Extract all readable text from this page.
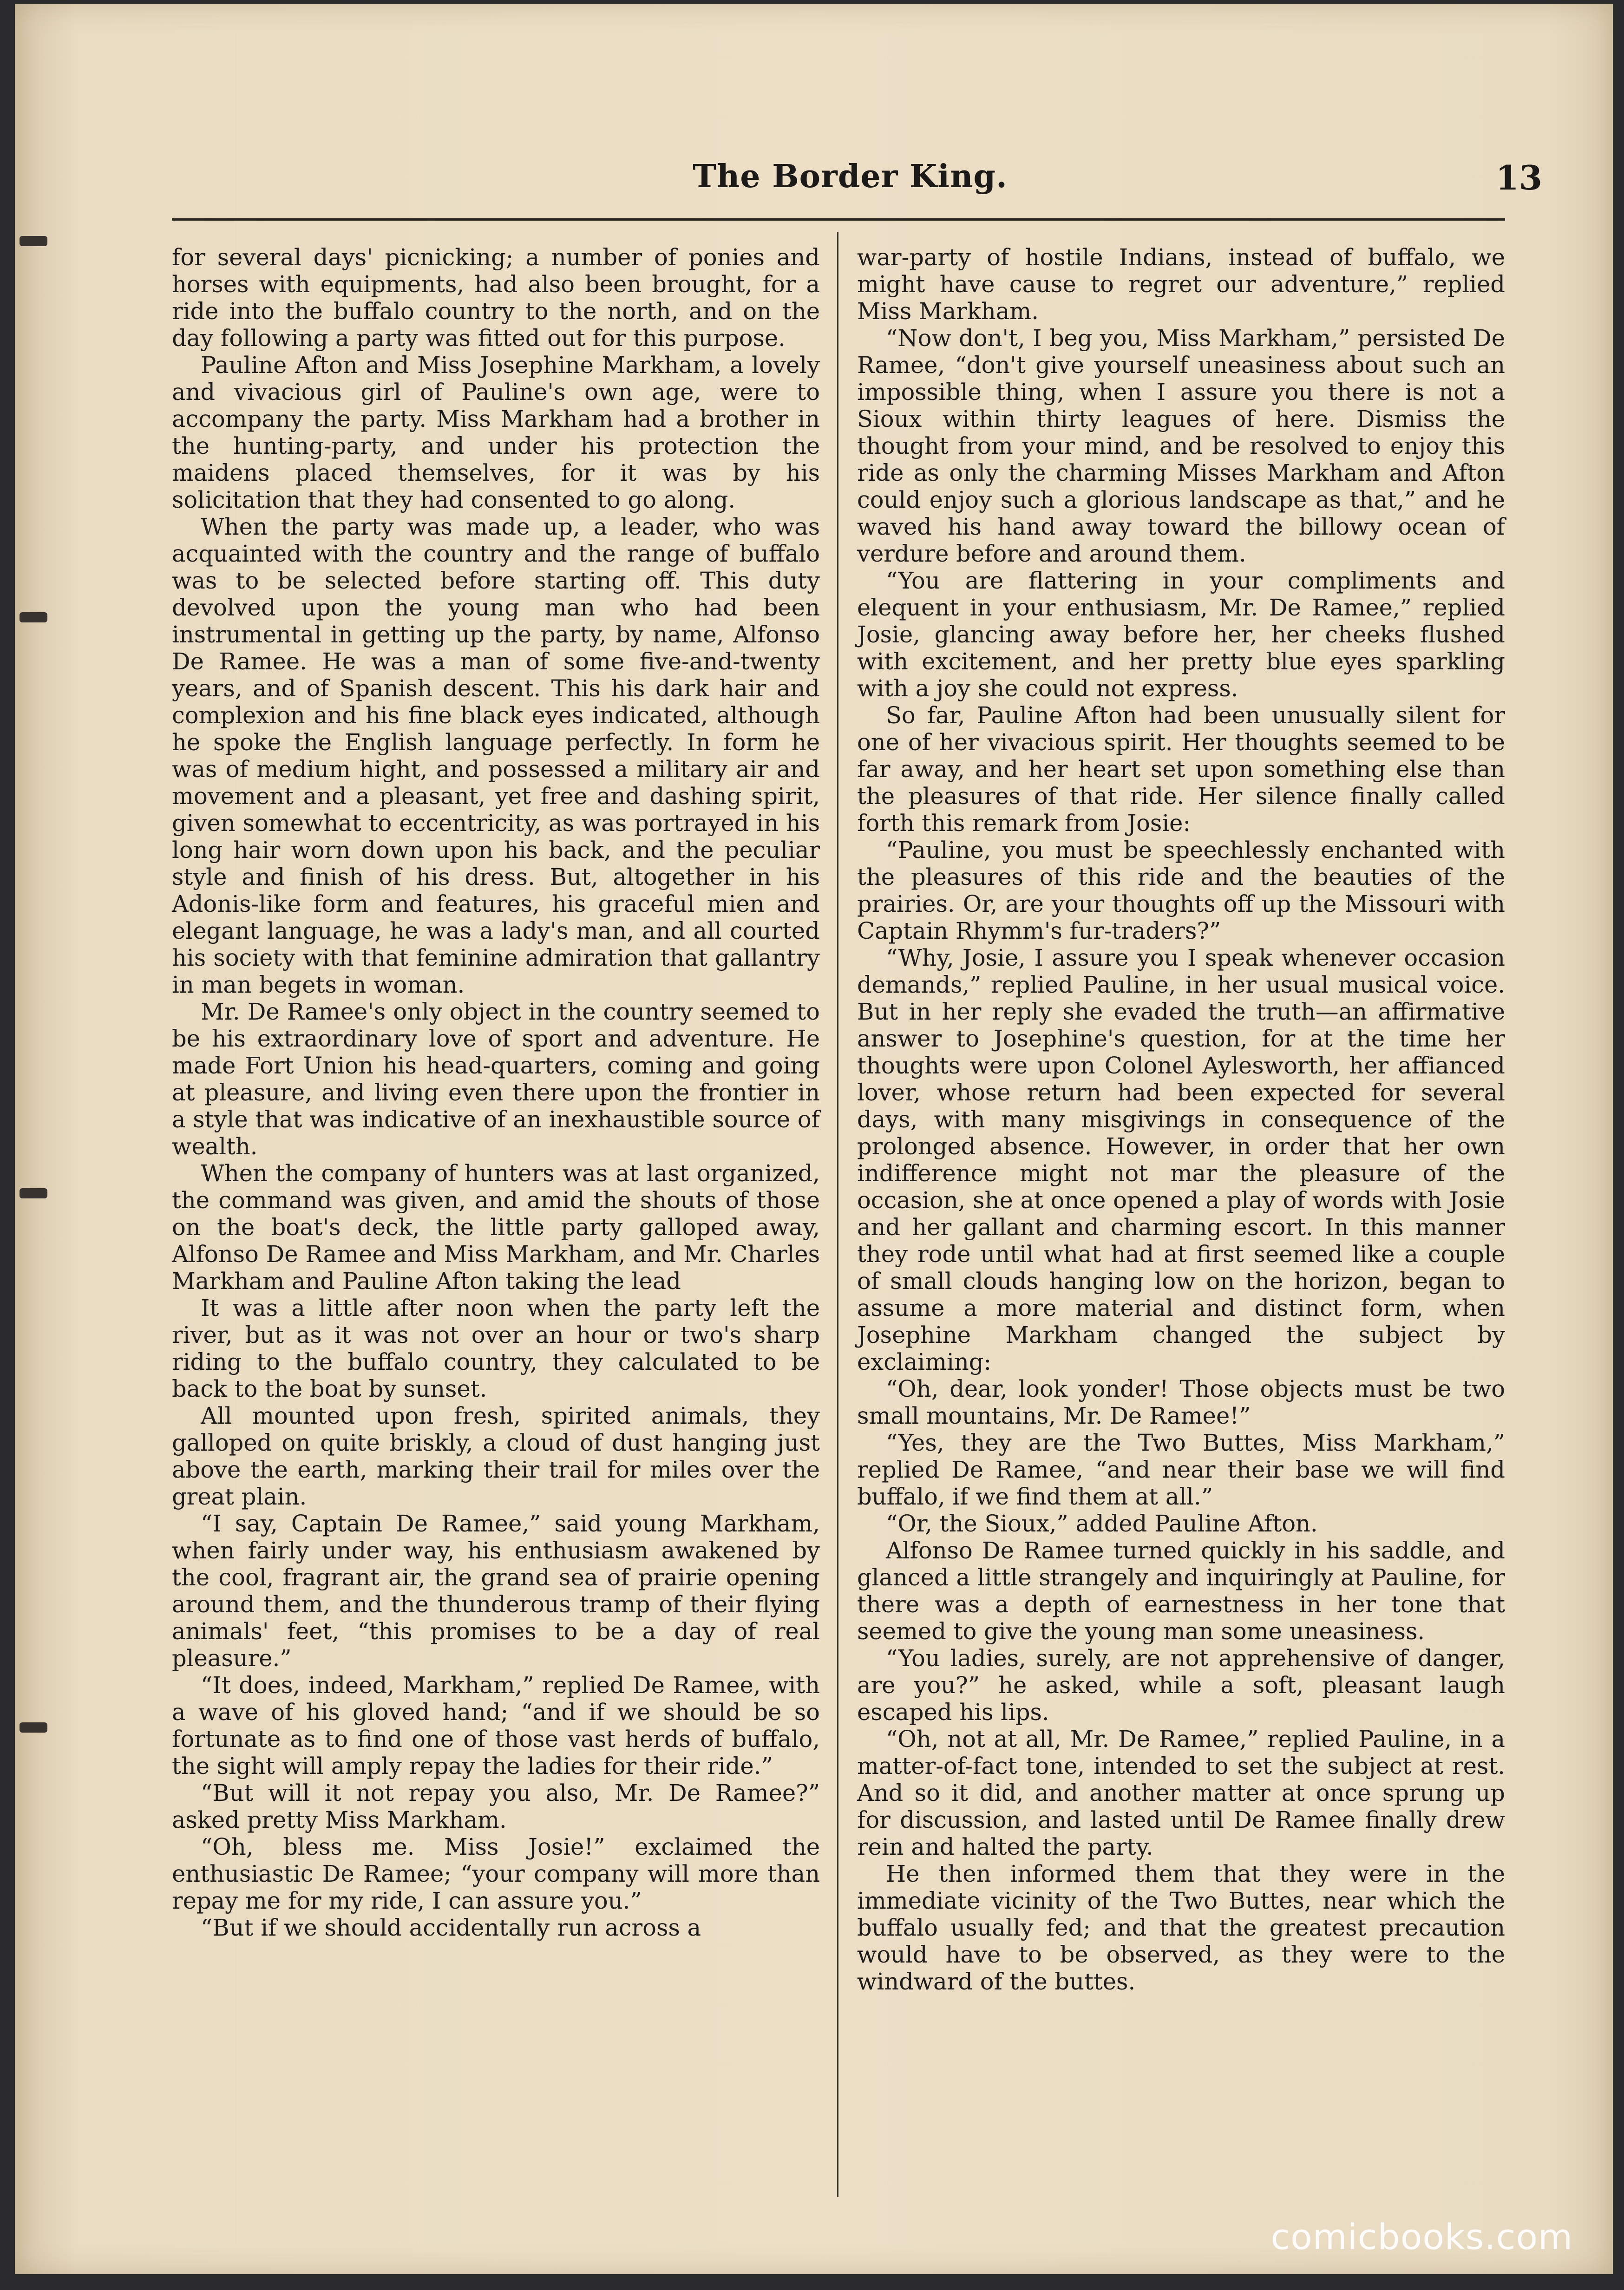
The Border King.	13

for several days' picnicking; a number of ponies and horses with equipments, had also been brought, for a ride into the buffalo country to the north, and on the day following a party was fitted out for this purpose.

Pauline Afton and Miss Josephine Markham, a lovely and vivacious girl of Pauline's own age, were to accompany the party. Miss Markham had a brother in the hunting-party, and under his protection the maidens placed themselves, for it was by his solicitation that they had consented to go along.

When the party was made up, a leader, who was acquainted with the country and the range of buffalo was to be selected before starting off. This duty devolved upon the young man who had been instrumental in getting up the party, by name, Alfonso De Ramee. He was a man of some five-and-twenty years, and of Spanish descent. This his dark hair and complexion and his fine black eyes indicated, although he spoke the English language perfectly. In form he was of medium hight, and possessed a military air and movement and a pleasant, yet free and dashing spirit, given somewhat to eccentricity, as was portrayed in his long hair worn down upon his back, and the peculiar style and finish of his dress. But, altogether in his Adonis-like form and features, his graceful mien and elegant language, he was a lady's man, and all courted his society with that feminine admiration that gallantry in man begets in woman.

Mr. De Ramee's only object in the country seemed to be his extraordinary love of sport and adventure. He made Fort Union his head-quarters, coming and going at pleasure, and living even there upon the frontier in a style that was indicative of an inexhaustible source of wealth.

When the company of hunters was at last organized, the command was given, and amid the shouts of those on the boat's deck, the little party galloped away, Alfonso De Ramee and Miss Markham, and Mr. Charles Markham and Pauline Afton taking the lead

It was a little after noon when the party left the river, but as it was not over an hour or two's sharp riding to the buffalo country, they calculated to be back to the boat by sunset.

All mounted upon fresh, spirited animals, they galloped on quite briskly, a cloud of dust hanging just above the earth, marking their trail for miles over the great plain.

“I say, Captain De Ramee,” said young Markham, when fairly under way, his enthusiasm awakened by the cool, fragrant air, the grand sea of prairie opening around them, and the thunderous tramp of their flying animals' feet, “this promises to be a day of real pleasure.”

“It does, indeed, Markham,” replied De Ramee, with a wave of his gloved hand; “and if we should be so fortunate as to find one of those vast herds of buffalo, the sight will amply repay the ladies for their ride.”

“But will it not repay you also, Mr. De Ramee?” asked pretty Miss Markham.

“Oh, bless me. Miss Josie!” exclaimed the enthusiastic De Ramee; “your company will more than repay me for my ride, I can assure you.”

“But if we should accidentally run across a

war-party of hostile Indians, instead of buffalo, we might have cause to regret our adventure,” replied Miss Markham.

“Now don't, I beg you, Miss Markham,” persisted De Ramee, “don't give yourself uneasiness about such an impossible thing, when I assure you there is not a Sioux within thirty leagues of here. Dismiss the thought from your mind, and be resolved to enjoy this ride as only the charming Misses Markham and Afton could enjoy such a glorious landscape as that,” and he waved his hand away toward the billowy ocean of verdure before and around them.

“You are flattering in your compliments and elequent in your enthusiasm, Mr. De Ramee,” replied Josie, glancing away before her, her cheeks flushed with excitement, and her pretty blue eyes sparkling with a joy she could not express.

So far, Pauline Afton had been unusually silent for one of her vivacious spirit. Her thoughts seemed to be far away, and her heart set upon something else than the pleasures of that ride. Her silence finally called forth this remark from Josie:

“Pauline, you must be speechlessly enchanted with the pleasures of this ride and the beauties of the prairies. Or, are your thoughts off up the Missouri with Captain Rhymm's fur-traders?”

“Why, Josie, I assure you I speak whenever occasion demands,” replied Pauline, in her usual musical voice. But in her reply she evaded the truth—an affirmative answer to Josephine's question, for at the time her thoughts were upon Colonel Aylesworth, her affianced lover, whose return had been expected for several days, with many misgivings in consequence of the prolonged absence. However, in order that her own indifference might not mar the pleasure of the occasion, she at once opened a play of words with Josie and her gallant and charming escort. In this manner they rode until what had at first seemed like a couple of small clouds hanging low on the horizon, began to assume a more material and distinct form, when Josephine Markham changed the subject by exclaiming:

“Oh, dear, look yonder! Those objects must be two small mountains, Mr. De Ramee!”

“Yes, they are the Two Buttes, Miss Markham,” replied De Ramee, “and near their base we will find buffalo, if we find them at all.”

“Or, the Sioux,” added Pauline Afton.

Alfonso De Ramee turned quickly in his saddle, and glanced a little strangely and inquiringly at Pauline, for there was a depth of earnestness in her tone that seemed to give the young man some uneasiness.

“You ladies, surely, are not apprehensive of danger, are you?” he asked, while a soft, pleasant laugh escaped his lips.

“Oh, not at all, Mr. De Ramee,” replied Pauline, in a matter-of-fact tone, intended to set the subject at rest. And so it did, and another matter at once sprung up for discussion, and lasted until De Ramee finally drew rein and halted the party.

He then informed them that they were in the immediate vicinity of the Two Buttes, near which the buffalo usually fed; and that the greatest precaution would have to be observed, as they were to the windward of the buttes.

comicbooks.com
